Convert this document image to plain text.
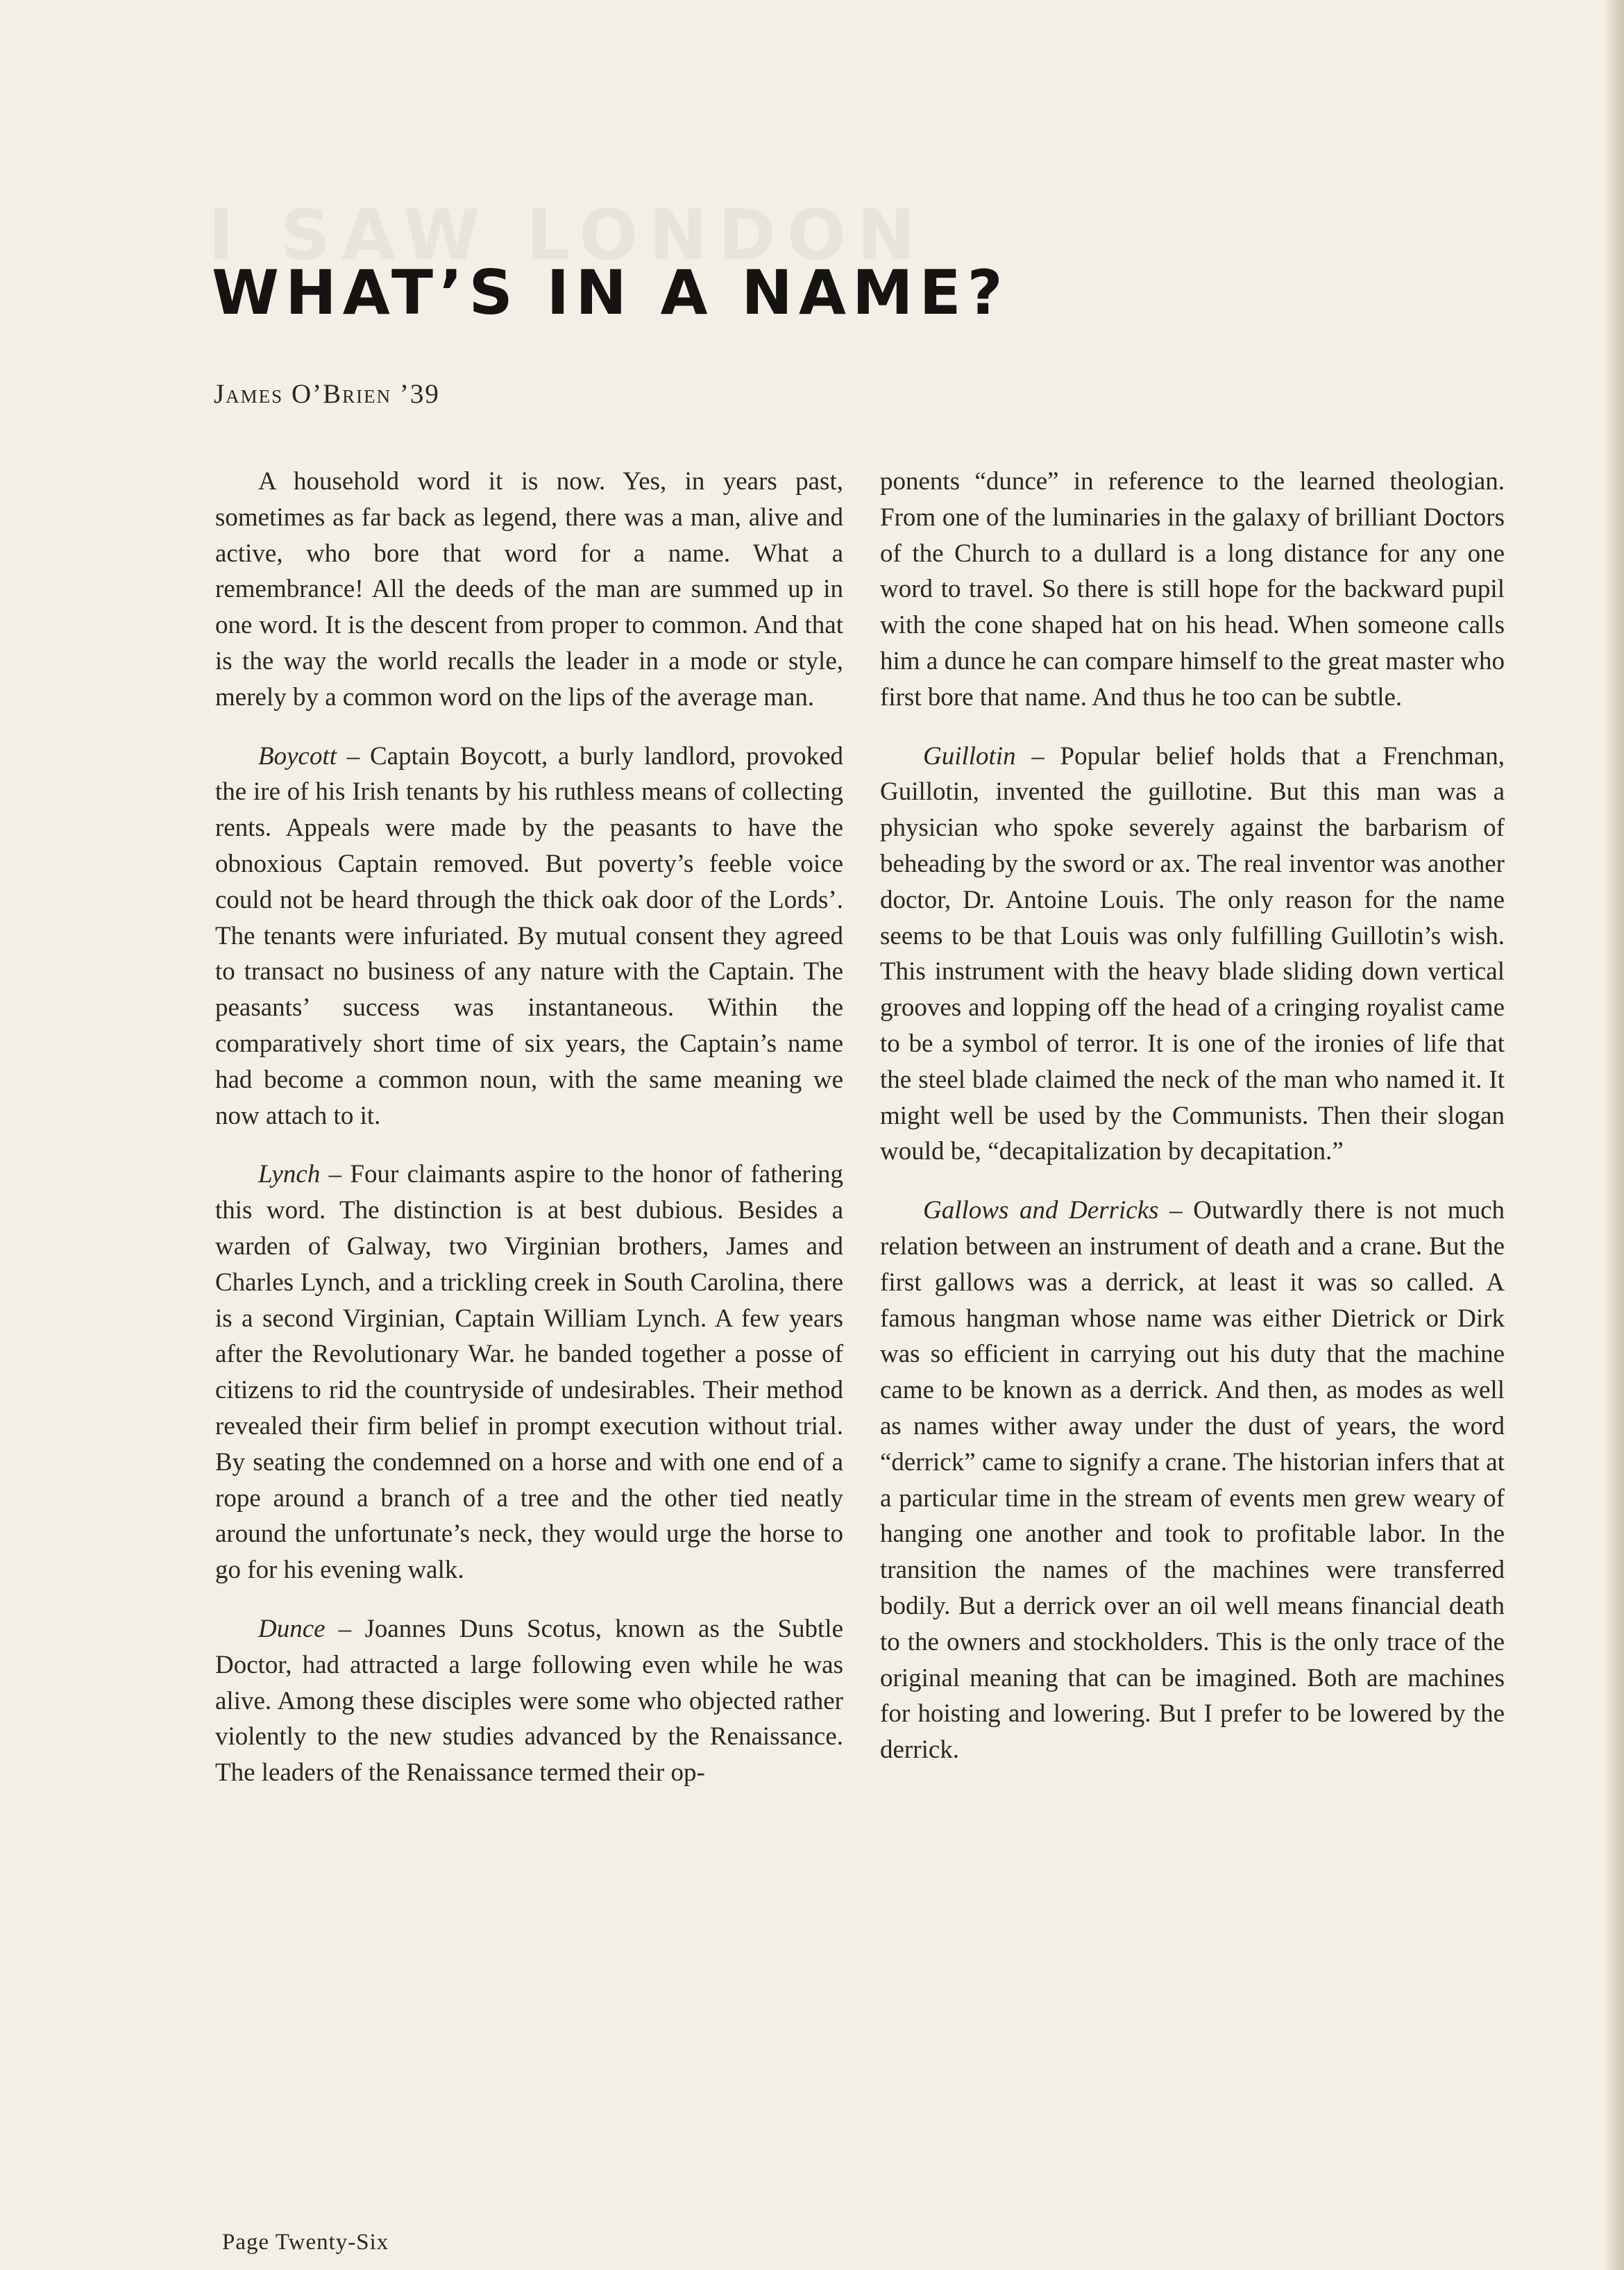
I SAW LONDON
WHAT’S IN A NAME?
James O’Brien ’39

A household word it is now. Yes, in years past, sometimes as far back as legend, there was a man, alive and active, who bore that word for a name. What a remembrance! All the deeds of the man are summed up in one word. It is the descent from proper to common. And that is the way the world recalls the leader in a mode or style, merely by a common word on the lips of the average man.

Boycott – Captain Boycott, a burly landlord, provoked the ire of his Irish tenants by his ruthless means of collecting rents. Appeals were made by the peasants to have the obnoxious Captain removed. But poverty’s feeble voice could not be heard through the thick oak door of the Lords’. The tenants were infuriated. By mutual consent they agreed to transact no business of any nature with the Captain. The peasants’ success was instantaneous. Within the comparatively short time of six years, the Captain’s name had become a common noun, with the same meaning we now attach to it.

Lynch – Four claimants aspire to the honor of fathering this word. The distinction is at best dubious. Besides a warden of Galway, two Virginian brothers, James and Charles Lynch, and a trickling creek in South Carolina, there is a second Virginian, Captain William Lynch. A few years after the Revolutionary War. he banded together a posse of citizens to rid the countryside of undesirables. Their method revealed their firm belief in prompt execution without trial. By seating the condemned on a horse and with one end of a rope around a branch of a tree and the other tied neatly around the unfortunate’s neck, they would urge the horse to go for his evening walk.

Dunce – Joannes Duns Scotus, known as the Subtle Doctor, had attracted a large following even while he was alive. Among these disciples were some who objected rather violently to the new studies advanced by the Renaissance. The leaders of the Renaissance termed their op-

ponents “dunce” in reference to the learned theologian. From one of the luminaries in the galaxy of brilliant Doctors of the Church to a dullard is a long distance for any one word to travel. So there is still hope for the backward pupil with the cone shaped hat on his head. When someone calls him a dunce he can compare himself to the great master who first bore that name. And thus he too can be subtle.

Guillotin – Popular belief holds that a Frenchman, Guillotin, invented the guillotine. But this man was a physician who spoke severely against the barbarism of beheading by the sword or ax. The real inventor was another doctor, Dr. Antoine Louis. The only reason for the name seems to be that Louis was only fulfilling Guillotin’s wish. This instrument with the heavy blade sliding down vertical grooves and lopping off the head of a cringing royalist came to be a symbol of terror. It is one of the ironies of life that the steel blade claimed the neck of the man who named it. It might well be used by the Communists. Then their slogan would be, “decapitalization by decapitation.”

Gallows and Derricks – Outwardly there is not much relation between an instrument of death and a crane. But the first gallows was a derrick, at least it was so called. A famous hangman whose name was either Dietrick or Dirk was so efficient in carrying out his duty that the machine came to be known as a derrick. And then, as modes as well as names wither away under the dust of years, the word “derrick” came to signify a crane. The historian infers that at a particular time in the stream of events men grew weary of hanging one another and took to profitable labor. In the transition the names of the machines were transferred bodily. But a derrick over an oil well means financial death to the owners and stockholders. This is the only trace of the original meaning that can be imagined. Both are machines for hoisting and lowering. But I prefer to be lowered by the derrick.

Page Twenty-Six
